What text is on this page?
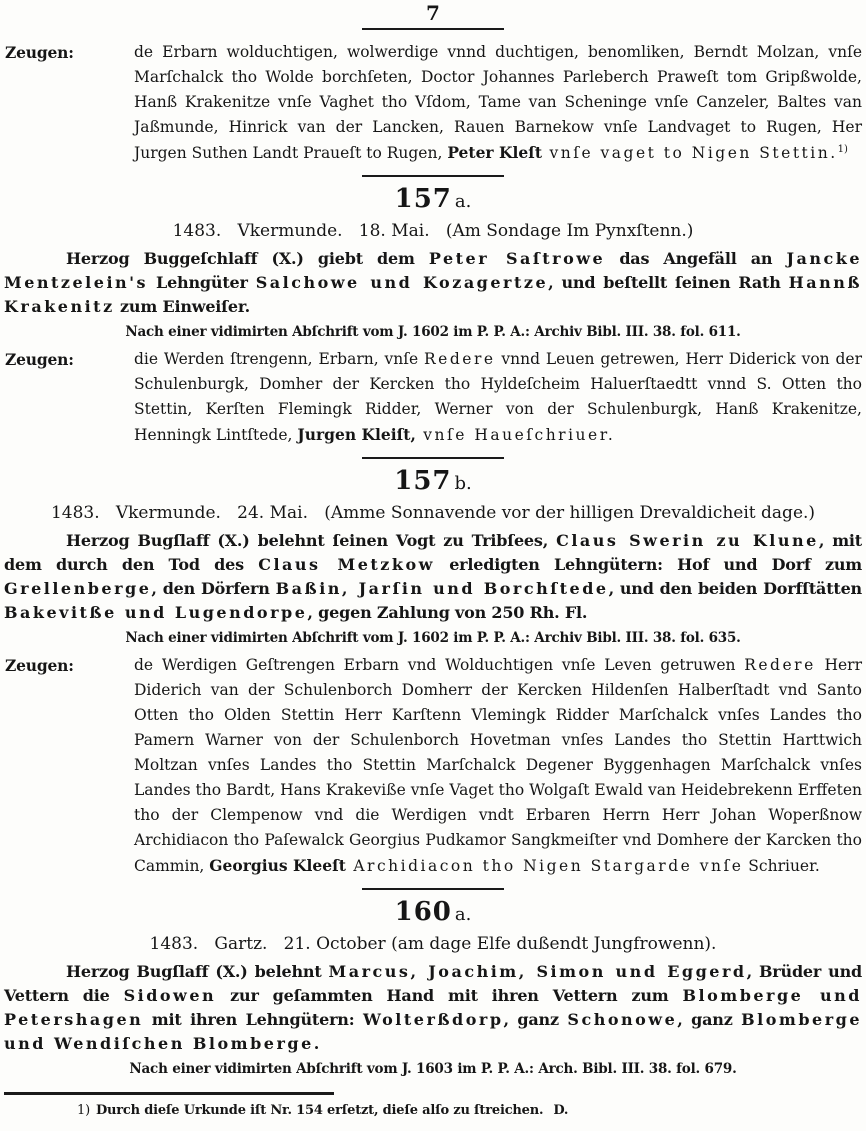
7

Zeugen:	de Erbarn wolduchtigen, wolwerdige vnnd duchtigen, benomliken, Berndt Molzan, vnſe Marſchalck tho Wolde borchſeten, Doctor Johannes Parleberch Praweſt tom Gripßwolde, Hanß Krakenitze vnſe Vaghet tho Vſdom, Tame van Scheninge vnſe Canzeler, Baltes van Jaßmunde, Hinrick van der Lancken, Rauen Barnekow vnſe Landvaget to Rugen, Her Jurgen Suthen Landt Praueſt to Rugen, Peter Kleſt vnſe vaget to Nigen Stettin.$^{1)}$

157 a.
1483.   Vkermunde.   18. Mai.   (Am Sondage Im Pynxſtenn.)

Herzog Buggeſchlaff (X.) giebt dem Peter Saſtrowe das Angefäll an Jancke Mentzelein's Lehngüter Salchowe und Kozagertze, und beſtellt ſeinen Rath Hannß Krakenitz zum Einweiſer.

Nach einer vidimirten Abſchrift vom J. 1602 im P. P. A.: Archiv Bibl. III. 38. fol. 611.

Zeugen:	die Werden ſtrengenn, Erbarn, vnſe Redere vnnd Leuen getrewen, Herr Diderick von der Schulenburgk, Domher der Kercken tho Hyldeſcheim Haluerſtaedtt vnnd S. Otten tho Stettin, Kerſten Flemingk Ridder, Werner von der Schulenburgk, Hanß Krakenitze, Henningk Lintſtede, Jurgen Kleiſt, vnſe Haueſchriuer.

157 b.
1483.   Vkermunde.   24. Mai.   (Amme Sonnavende vor der hilligen Drevaldicheit dage.)

Herzog Bugſlaff (X.) belehnt ſeinen Vogt zu Tribſees, Claus Swerin zu Klune, mit dem durch den Tod des Claus Metzkow erledigten Lehngütern: Hof und Dorf zum Grellenberge, den Dörfern Baßin, Jarſin und Borchſtede, und den beiden Dorfſtätten Bakevitße und Lugendorpe, gegen Zahlung von 250 Rh. Fl.

Nach einer vidimirten Abſchrift vom J. 1602 im P. P. A.: Archiv Bibl. III. 38. fol. 635.

Zeugen:	de Werdigen Geſtrengen Erbarn vnd Wolduchtigen vnſe Leven getruwen Redere Herr Diderich van der Schulenborch Domherr der Kercken Hildenſen Halberſtadt vnd Santo Otten tho Olden Stettin Herr Karſtenn Vlemingk Ridder Marſchalck vnſes Landes tho Pamern Warner von der Schulenborch Hovetman vnſes Landes tho Stettin Harttwich Moltzan vnſes Landes tho Stettin Marſchalck Degener Byggenhagen Marſchalck vnſes Landes tho Bardt, Hans Krakeviße vnſe Vaget tho Wolgaſt Ewald van Heidebrekenn Erffeten tho der Clempenow vnd die Werdigen vndt Erbaren Herrn Herr Johan Woperßnow Archidiacon tho Paſewalck Georgius Pudkamor Sangkmeiſter vnd Domhere der Karcken tho Cammin, Georgius Kleeſt Archidiacon tho Nigen Stargarde vnſe Schriuer.

160 a.
1483.   Gartz.   21. October (am dage Elfe dußendt Jungfrowenn).

Herzog Bugſlaff (X.) belehnt Marcus, Joachim, Simon und Eggerd, Brüder und Vettern die Sidowen zur geſammten Hand mit ihren Vettern zum Blomberge und Petershagen mit ihren Lehngütern: Wolterßdorp, ganz Schonowe, ganz Blomberge und Wendiſchen Blomberge.

Nach einer vidimirten Abſchrift vom J. 1603 im P. P. A.: Arch. Bibl. III. 38. fol. 679.
1) Durch dieſe Urkunde iſt Nr. 154 erſetzt, dieſe alſo zu ſtreichen. D.
